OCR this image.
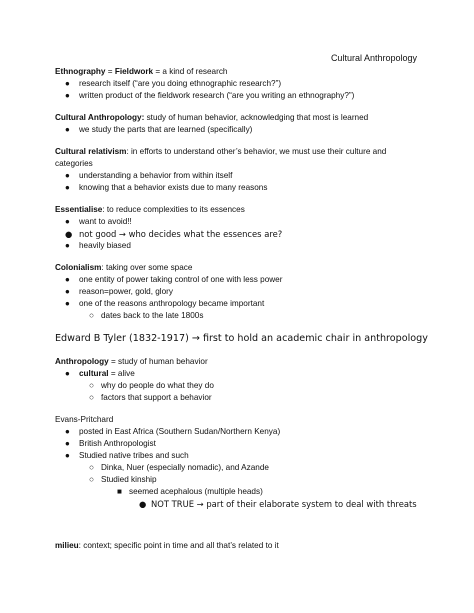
Cultural Anthropology
Ethnography = Fieldwork = a kind of research
●	research itself (“are you doing ethnographic research?”)
●	written product of the fieldwork research (“are you writing an ethnography?”)
Cultural Anthropology: study of human behavior, acknowledging that most is learned
●	we study the parts that are learned (specifically)
Cultural relativism: in efforts to understand other’s behavior, we must use their culture and categories
●	understanding a behavior from within itself
●	knowing that a behavior exists due to many reasons
Essentialise: to reduce complexities to its essences
●	want to avoid!!
● not good → who decides what the essences are?
●	heavily biased
Colonialism: taking over some space
●	one entity of power taking control of one with less power
●	reason=power, gold, glory
●	one of the reasons anthropology became important
○ dates back to the late 1800s
Edward B Tyler (1832-1917) → first to hold an academic chair in anthropology
Anthropology = study of human behavior
●	cultural = alive
○ why do people do what they do
○ factors that support a behavior
Evans-Pritchard
●	posted in East Africa (Southern Sudan/Northern Kenya)
●	British Anthropologist
●	Studied native tribes and such
○ Dinka, Nuer (especially nomadic), and Azande
○ Studied kinship
■ seemed acephalous (multiple heads)
● NOT TRUE → part of their elaborate system to deal with threats
milieu: context; specific point in time and all that’s related to it
